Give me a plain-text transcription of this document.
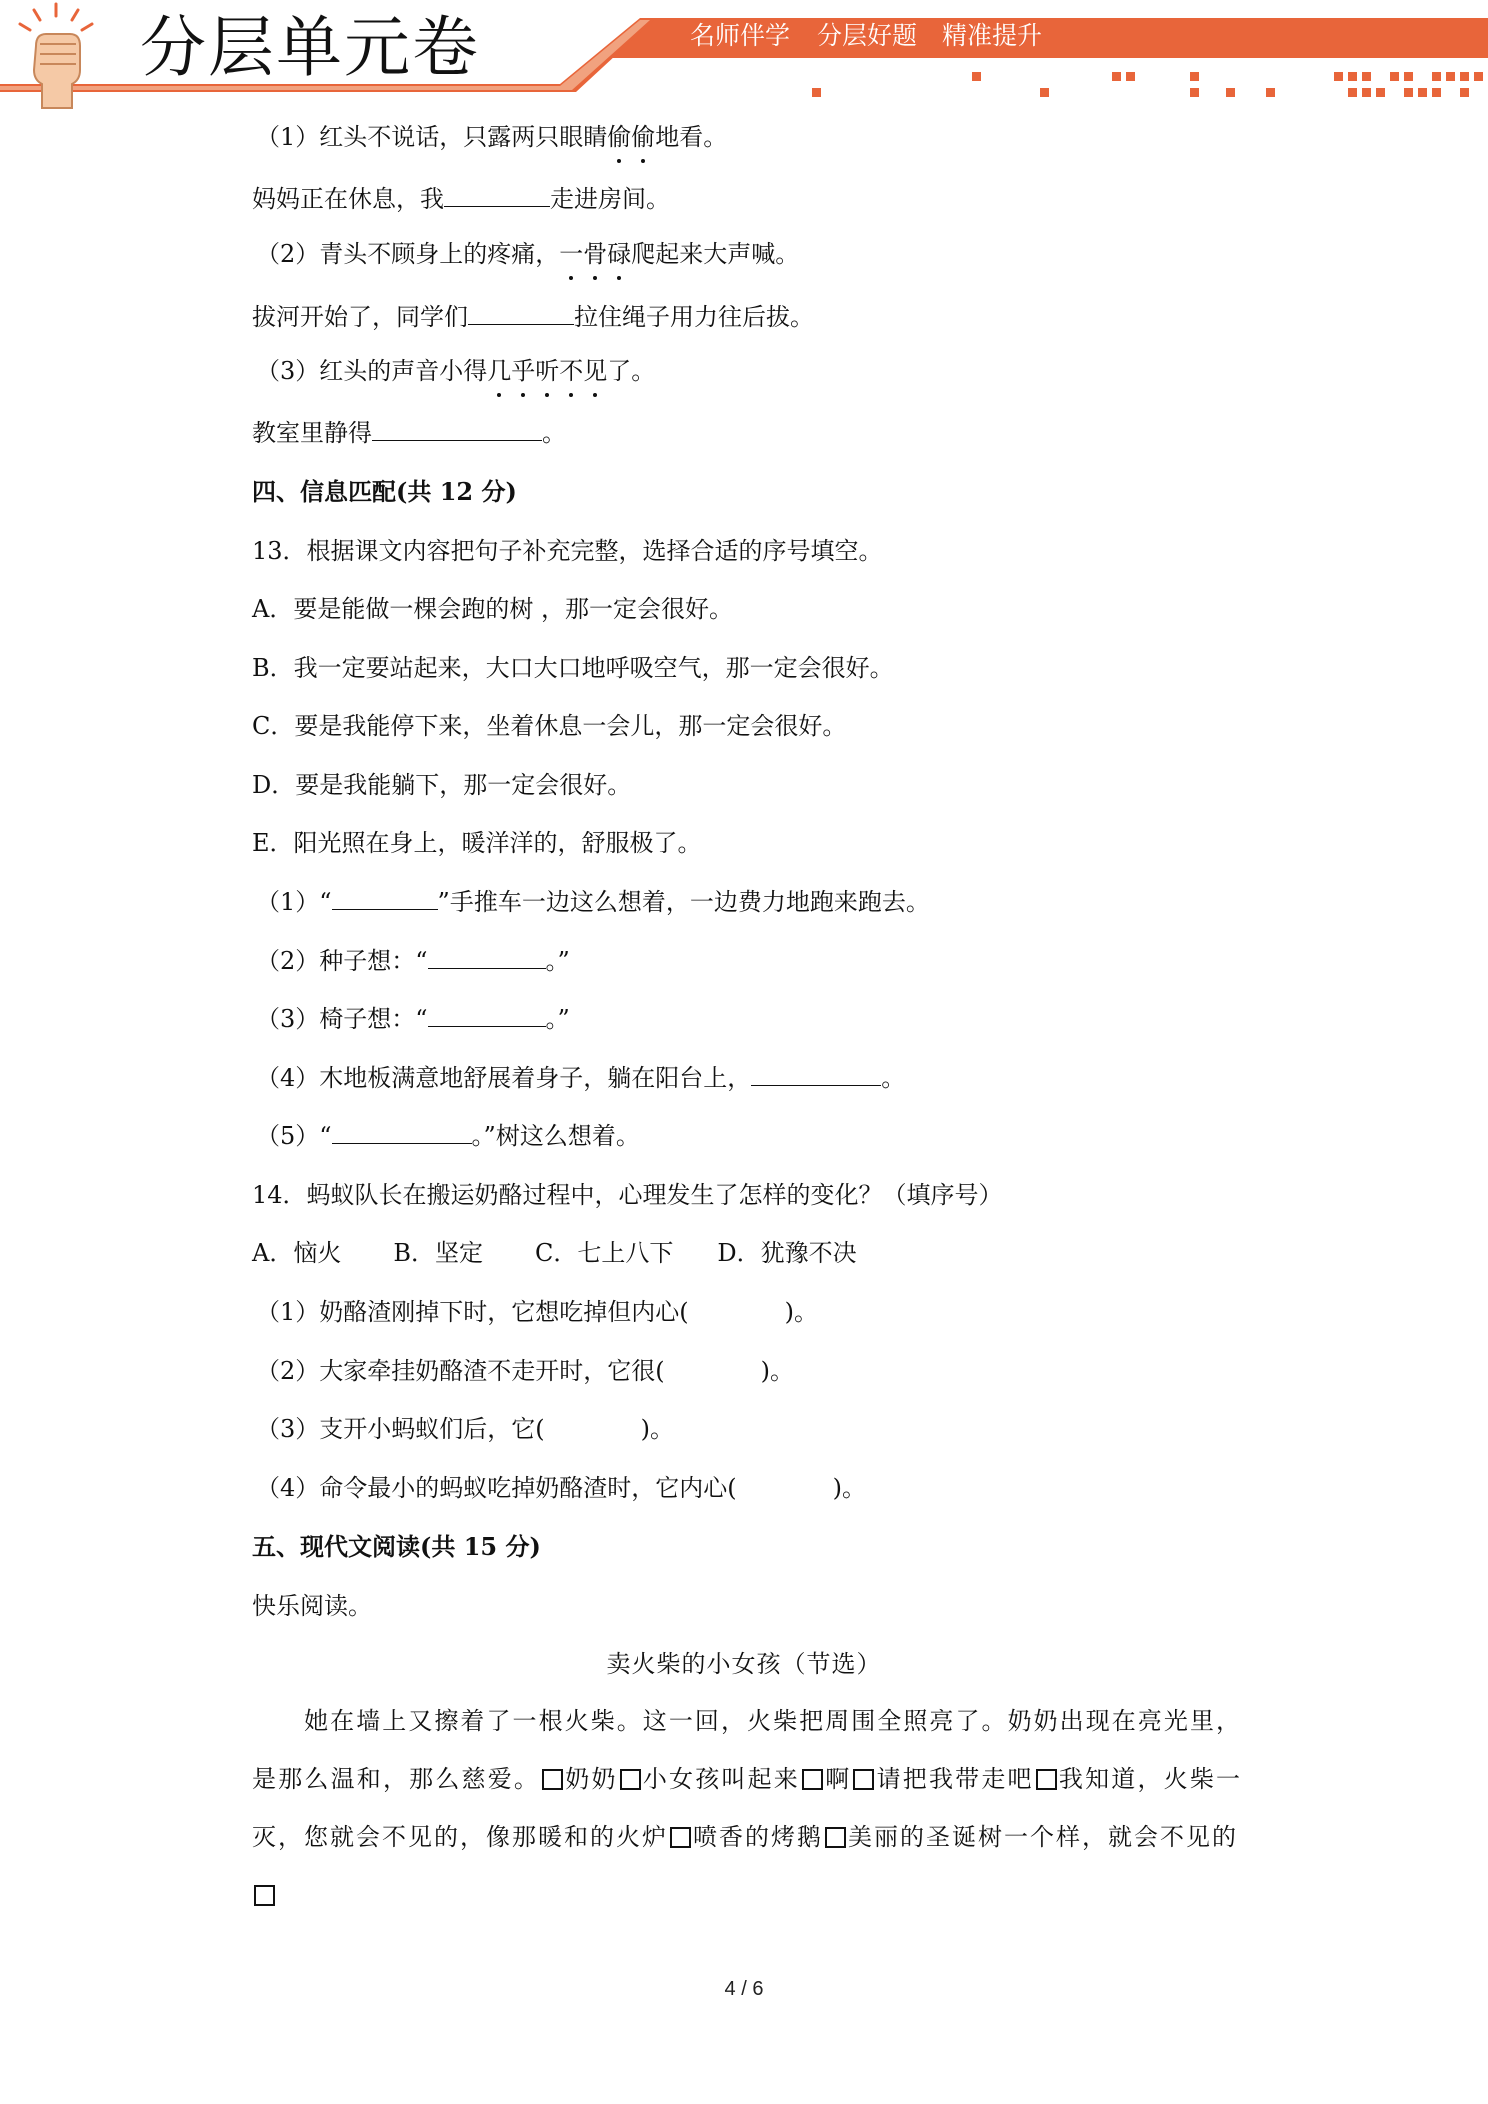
分层单元卷	名师伴学 分层好题 精准提升
（1）红头不说话，只露两只眼睛偷偷地看。
妈妈正在休息，我	走进房间。
（2）青头不顾身上的疼痛，一骨碌爬起来大声喊。
拔河开始了，同学们	拉住绳子用力往后拔。
（3）红头的声音小得几乎听不见了。
教室里静得	。
四、信息匹配(共 12 分)
13．根据课文内容把句子补充完整，选择合适的序号填空。
A．要是能做一棵会跑的树 ，那一定会很好。
B．我一定要站起来，大口大口地呼吸空气，那一定会很好。
C．要是我能停下来，坐着休息一会儿，那一定会很好。
D．要是我能躺下，那一定会很好。
E．阳光照在身上，暖洋洋的，舒服极了。
（1）“	”手推车一边这么想着，一边费力地跑来跑去。
（2）种子想：“	。”
（3）椅子想：“	。”
（4）木地板满意地舒展着身子，躺在阳台上，	。
（5）“	。”树这么想着。
14．蚂蚁队长在搬运奶酪过程中，心理发生了怎样的变化？（填序号）
A．恼火 B．坚定 C．七上八下 D．犹豫不决
（1）奶酪渣刚掉下时，它想吃掉但内心(	)。
（2）大家牵挂奶酪渣不走开时，它很(	)。
（3）支开小蚂蚁们后，它(	)。
（4）命令最小的蚂蚁吃掉奶酪渣时，它内心(	)。
五、现代文阅读(共 15 分)
快乐阅读。
卖火柴的小女孩（节选）
　　她在墙上又擦着了一根火柴。这一回，火柴把周围全照亮了。奶奶出现在亮光里，是那么温和，那么慈爱。 奶奶 小女孩叫起来 啊 请把我带走吧 我知道，火柴一灭，您就会不见的，像那暖和的火炉 喷香的烤鹅 美丽的圣诞树一个样，就会不见的

4 / 6
